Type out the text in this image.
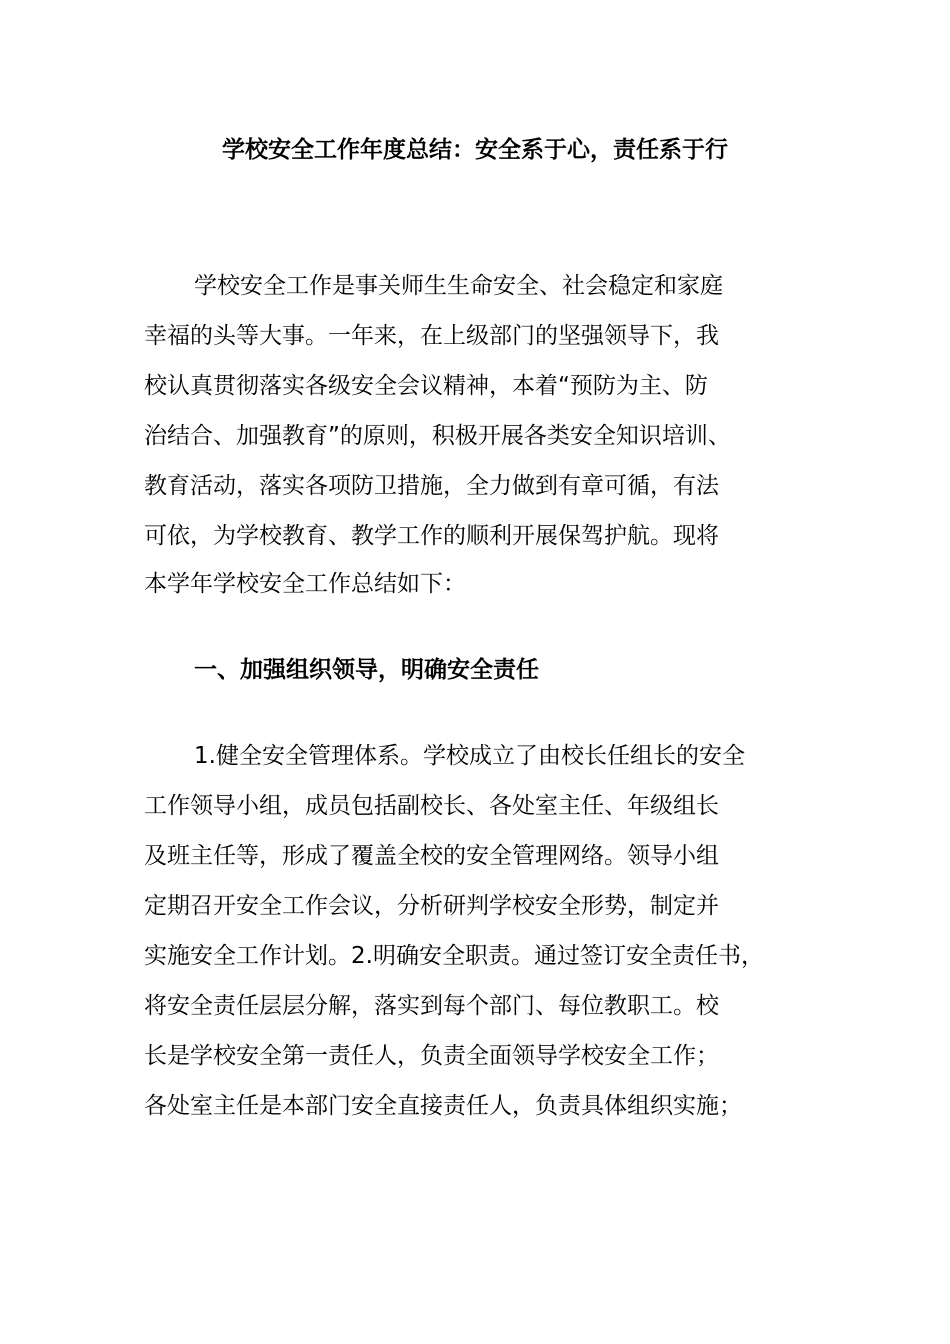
学校安全工作年度总结：安全系于心，责任系于行
学校安全工作是事关师生生命安全、社会稳定和家庭
幸福的头等大事。一年来，在上级部门的坚强领导下，我
校认真贯彻落实各级安全会议精神，本着“预防为主、防
治结合、加强教育”的原则，积极开展各类安全知识培训、
教育活动，落实各项防卫措施，全力做到有章可循，有法
可依，为学校教育、教学工作的顺利开展保驾护航。现将
本学年学校安全工作总结如下：
一、加强组织领导，明确安全责任
1.健全安全管理体系。学校成立了由校长任组长的安全
工作领导小组，成员包括副校长、各处室主任、年级组长
及班主任等，形成了覆盖全校的安全管理网络。领导小组
定期召开安全工作会议，分析研判学校安全形势，制定并
实施安全工作计划。2.明确安全职责。通过签订安全责任书，
将安全责任层层分解，落实到每个部门、每位教职工。校
长是学校安全第一责任人，负责全面领导学校安全工作；
各处室主任是本部门安全直接责任人，负责具体组织实施；
